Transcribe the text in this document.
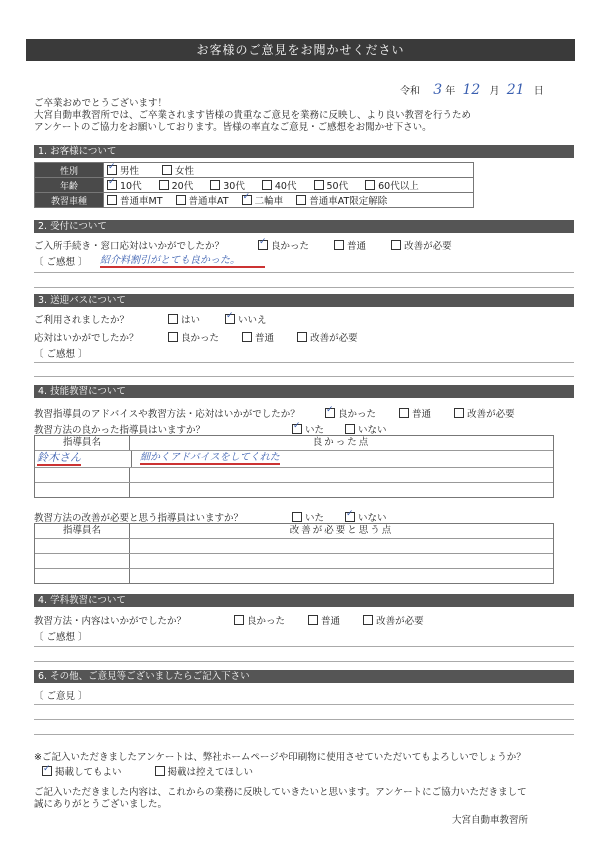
お客様のご意見をお聞かせください
令和 3 年 12 月 21 日
ご卒業おめでとうございます！
大宮自動車教習所では、ご卒業されます皆様の貴重なご意見を業務に反映し、より良い教習を行うため
アンケートのご協力をお願いしております。皆様の率直なご意見・ご感想をお聞かせ下さい。
1. お客様について
性別	✓男性 女性
年齢	✓10代 20代 30代 40代 50代 60代以上
教習車種	普通車MT 普通車AT ✓ 二輪車 普通車AT限定解除
2. 受付について
ご入所手続き・窓口応対はいかがでしたか？ ✓	良かった	普通	改善が必要
〔 ご感想 〕 紹介料割引がとても良かった。
3. 送迎バスについて
ご利用されましたか？	はい ✓	いいえ
応対はいかがでしたか？	良かった	普通	改善が必要
〔 ご感想 〕
4. 技能教習について
教習指導員のアドバイスや教習方法・応対はいかがでしたか？ ✓	良かった	普通	改善が必要
教習方法の良かった指導員はいますか？ ✓	いた	いない
指導員名	良かった点
鈴木さん	細かくアドバイスをしてくれた
教習方法の改善が必要と思う指導員はいますか？	いた ✓	いない
指導員名	改善が必要と思う点
4. 学科教習について
教習方法・内容はいかがでしたか？	良かった	普通	改善が必要
〔 ご感想 〕
6. その他、ご意見等ございましたらご記入下さい
〔 ご意見 〕
※ご記入いただきましたアンケートは、弊社ホームページや印刷物に使用させていただいてもよろしいでしょうか？
✓掲載してもよい	掲載は控えてほしい
ご記入いただきました内容は、これからの業務に反映していきたいと思います。アンケートにご協力いただきまして
誠にありがとうございました。
大宮自動車教習所
